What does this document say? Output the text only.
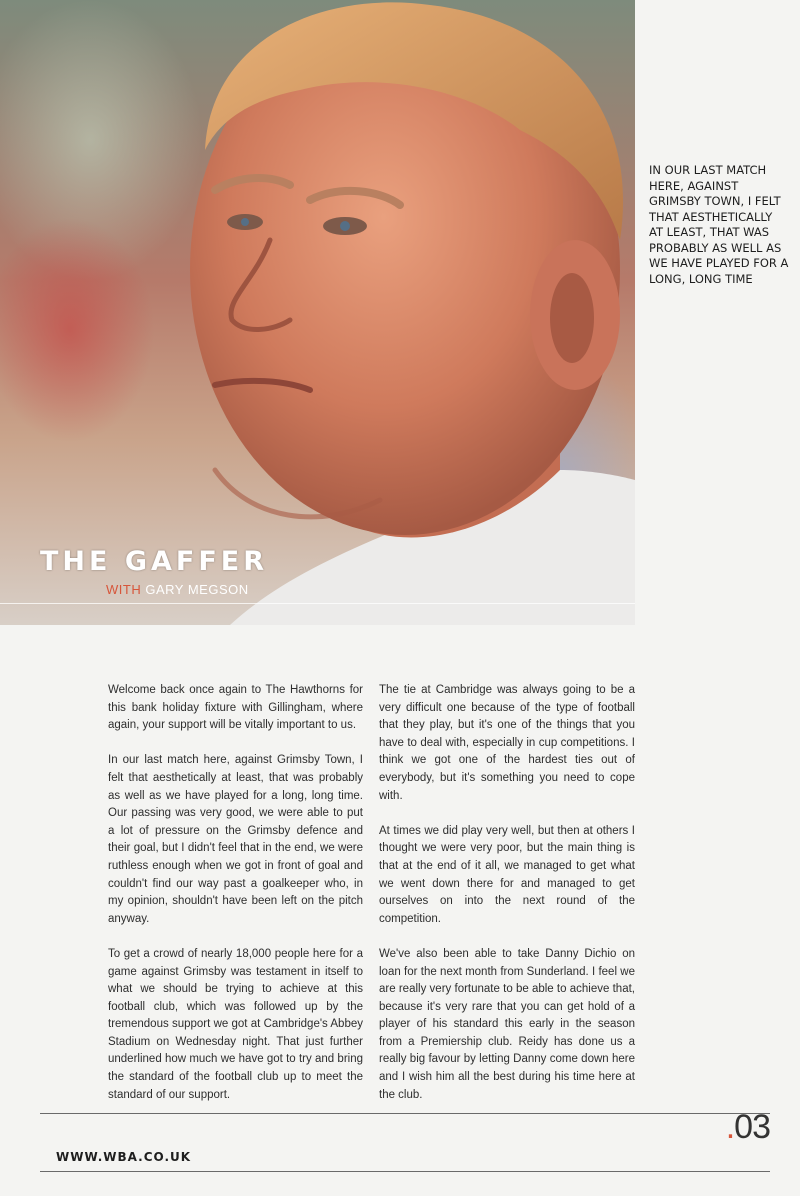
THE GAFFER
WITH GARY MEGSON
IN OUR LAST MATCH HERE, AGAINST GRIMSBY TOWN, I FELT THAT AESTHETICALLY AT LEAST, THAT WAS PROBABLY AS WELL AS WE HAVE PLAYED FOR A LONG, LONG TIME

Welcome back once again to The Hawthorns for this bank holiday fixture with Gillingham, where again, your support will be vitally important to us.

In our last match here, against Grimsby Town, I felt that aesthetically at least, that was probably as well as we have played for a long, long time. Our passing was very good, we were able to put a lot of pressure on the Grimsby defence and their goal, but I didn't feel that in the end, we were ruthless enough when we got in front of goal and couldn't find our way past a goalkeeper who, in my opinion, shouldn't have been left on the pitch anyway.

To get a crowd of nearly 18,000 people here for a game against Grimsby was testament in itself to what we should be trying to achieve at this football club, which was followed up by the tremendous support we got at Cambridge's Abbey Stadium on Wednesday night. That just further underlined how much we have got to try and bring the standard of the football club up to meet the standard of our support.

The tie at Cambridge was always going to be a very difficult one because of the type of football that they play, but it's one of the things that you have to deal with, especially in cup competitions. I think we got one of the hardest ties out of everybody, but it's something you need to cope with.

At times we did play very well, but then at others I thought we were very poor, but the main thing is that at the end of it all, we managed to get what we went down there for and managed to get ourselves on into the next round of the competition.

We've also been able to take Danny Dichio on loan for the next month from Sunderland. I feel we are really very fortunate to be able to achieve that, because it's very rare that you can get hold of a player of his standard this early in the season from a Premiership club. Reidy has done us a really big favour by letting Danny come down here and I wish him all the best during his time here at the club.

.03
WWW.WBA.CO.UK
